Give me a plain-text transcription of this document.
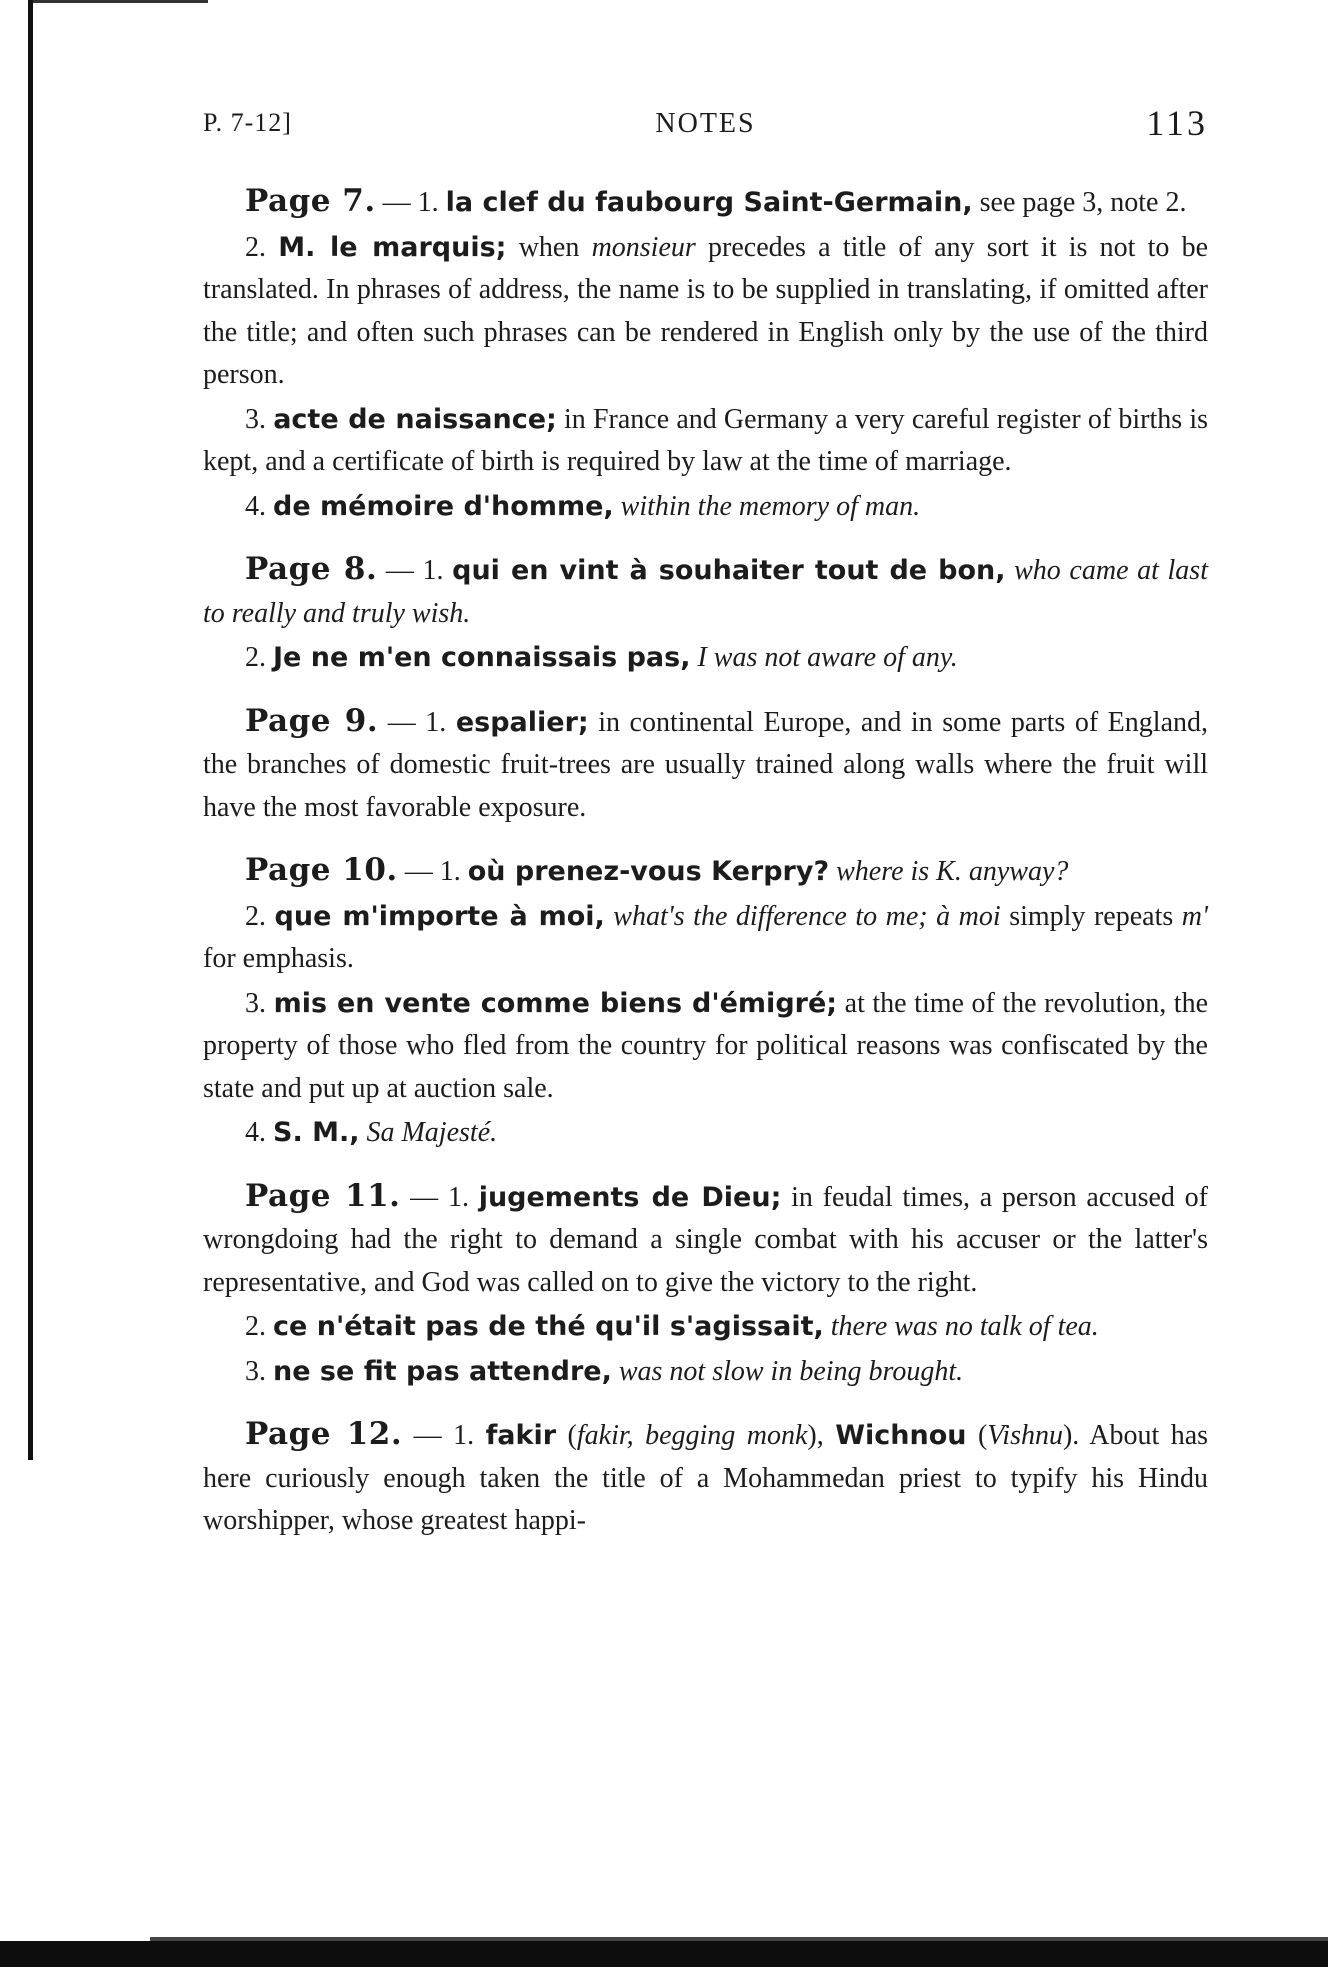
P. 7-12]	NOTES	113

Page 7. — 1. la clef du faubourg Saint-Germain, see page 3, note 2.

2. M. le marquis; when monsieur precedes a title of any sort it is not to be translated. In phrases of address, the name is to be supplied in translating, if omitted after the title; and often such phrases can be rendered in English only by the use of the third person.

3. acte de naissance; in France and Germany a very careful register of births is kept, and a certificate of birth is required by law at the time of marriage.

4. de mémoire d'homme, within the memory of man.

Page 8. — 1. qui en vint à souhaiter tout de bon, who came at last to really and truly wish.

2. Je ne m'en connaissais pas, I was not aware of any.

Page 9. — 1. espalier; in continental Europe, and in some parts of England, the branches of domestic fruit-trees are usually trained along walls where the fruit will have the most favorable exposure.

Page 10. — 1. où prenez-vous Kerpry? where is K. anyway?

2. que m'importe à moi, what's the difference to me; à moi simply repeats m' for emphasis.

3. mis en vente comme biens d'émigré; at the time of the revolution, the property of those who fled from the country for political reasons was confiscated by the state and put up at auction sale.

4. S. M., Sa Majesté.

Page 11. — 1. jugements de Dieu; in feudal times, a person accused of wrongdoing had the right to demand a single combat with his accuser or the latter's representative, and God was called on to give the victory to the right.

2. ce n'était pas de thé qu'il s'agissait, there was no talk of tea.

3. ne se fit pas attendre, was not slow in being brought.

Page 12. — 1. fakir (fakir, begging monk), Wichnou (Vishnu). About has here curiously enough taken the title of a Mohammedan priest to typify his Hindu worshipper, whose greatest happi-
